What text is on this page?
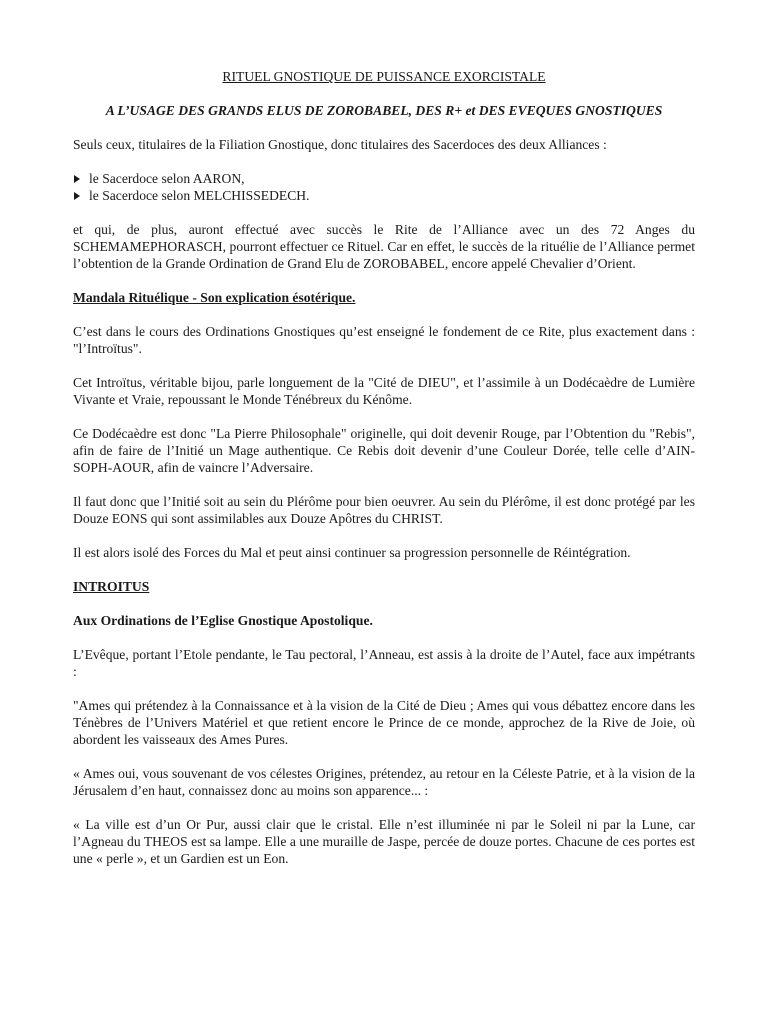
RITUEL GNOSTIQUE DE PUISSANCE EXORCISTALE
A L’USAGE DES GRANDS ELUS DE ZOROBABEL, DES R+ et DES EVEQUES GNOSTIQUES

Seuls ceux, titulaires de la Filiation Gnostique, donc titulaires des Sacerdoces des deux Alliances :

le Sacerdoce selon AARON,
le Sacerdoce selon MELCHISSEDECH.

et qui, de plus, auront effectué avec succès le Rite de l’Alliance avec un des 72 Anges du SCHEMAMEPHORASCH, pourront effectuer ce Rituel. Car en effet, le succès de la rituélie de l’Alliance permet l’obtention de la Grande Ordination de Grand Elu de ZOROBABEL, encore appelé Chevalier d’Orient.

Mandala Rituélique - Son explication ésotérique.

C’est dans le cours des Ordinations Gnostiques qu’est enseigné le fondement de ce Rite, plus exactement dans : "l’Introïtus".

Cet Introïtus, véritable bijou, parle longuement de la "Cité de DIEU", et l’assimile à un Dodécaèdre de Lumière Vivante et Vraie, repoussant le Monde Ténébreux du Kénôme.

Ce Dodécaèdre est donc "La Pierre Philosophale" originelle, qui doit devenir Rouge, par l’Obtention du "Rebis", afin de faire de l’Initié un Mage authentique. Ce Rebis doit devenir d’une Couleur Dorée, telle celle d’AIN-SOPH-AOUR, afin de vaincre l’Adversaire.

Il faut donc que l’Initié soit au sein du Plérôme pour bien oeuvrer. Au sein du Plérôme, il est donc protégé par les Douze EONS qui sont assimilables aux Douze Apôtres du CHRIST.

Il est alors isolé des Forces du Mal et peut ainsi continuer sa progression personnelle de Réintégration.

INTROITUS
Aux Ordinations de l’Eglise Gnostique Apostolique.

L’Evêque, portant l’Etole pendante, le Tau pectoral, l’Anneau, est assis à la droite de l’Autel, face aux impétrants :

"Ames qui prétendez à la Connaissance et à la vision de la Cité de Dieu ; Ames qui vous débattez encore dans les Ténèbres de l’Univers Matériel et que retient encore le Prince de ce monde, approchez de la Rive de Joie, où abordent les vaisseaux des Ames Pures.

« Ames oui, vous souvenant de vos célestes Origines, prétendez, au retour en la Céleste Patrie, et à la vision de la Jérusalem d’en haut, connaissez donc au moins son apparence... :

« La ville est d’un Or Pur, aussi clair que le cristal. Elle n’est illuminée ni par le Soleil ni par la Lune, car l’Agneau du THEOS est sa lampe. Elle a une muraille de Jaspe, percée de douze portes. Chacune de ces portes est une « perle », et un Gardien est un Eon.
